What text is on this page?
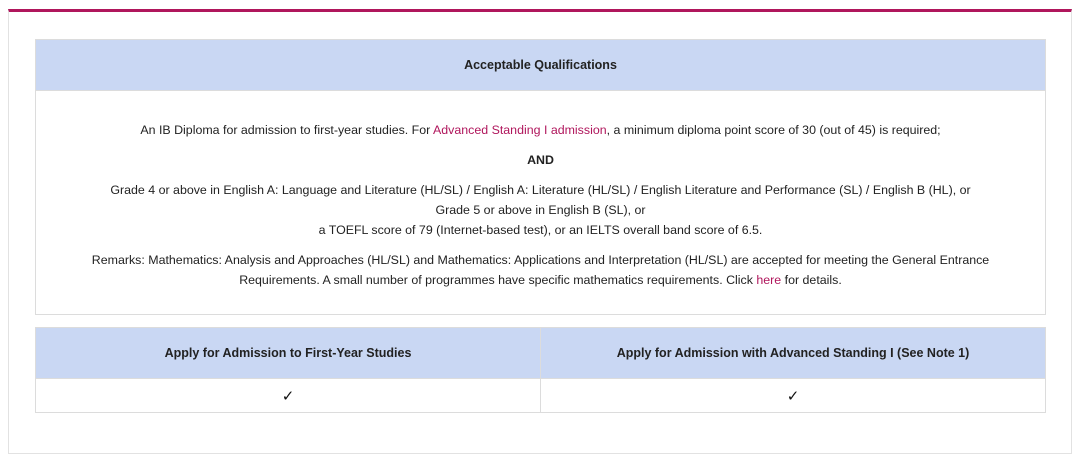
Acceptable Qualifications

An IB Diploma for admission to first-year studies. For Advanced Standing I admission, a minimum diploma point score of 30 (out of 45) is required;

AND

Grade 4 or above in English A: Language and Literature (HL/SL) / English A: Literature (HL/SL) / English Literature and Performance (SL) / English B (HL), or

Grade 5 or above in English B (SL), or

a TOEFL score of 79 (Internet-based test), or an IELTS overall band score of 6.5.

Remarks: Mathematics: Analysis and Approaches (HL/SL) and Mathematics: Applications and Interpretation (HL/SL) are accepted for meeting the General Entrance Requirements. A small number of programmes have specific mathematics requirements. Click here for details.

Apply for Admission to First-Year Studies	Apply for Admission with Advanced Standing I (See Note 1)
✓	✓
